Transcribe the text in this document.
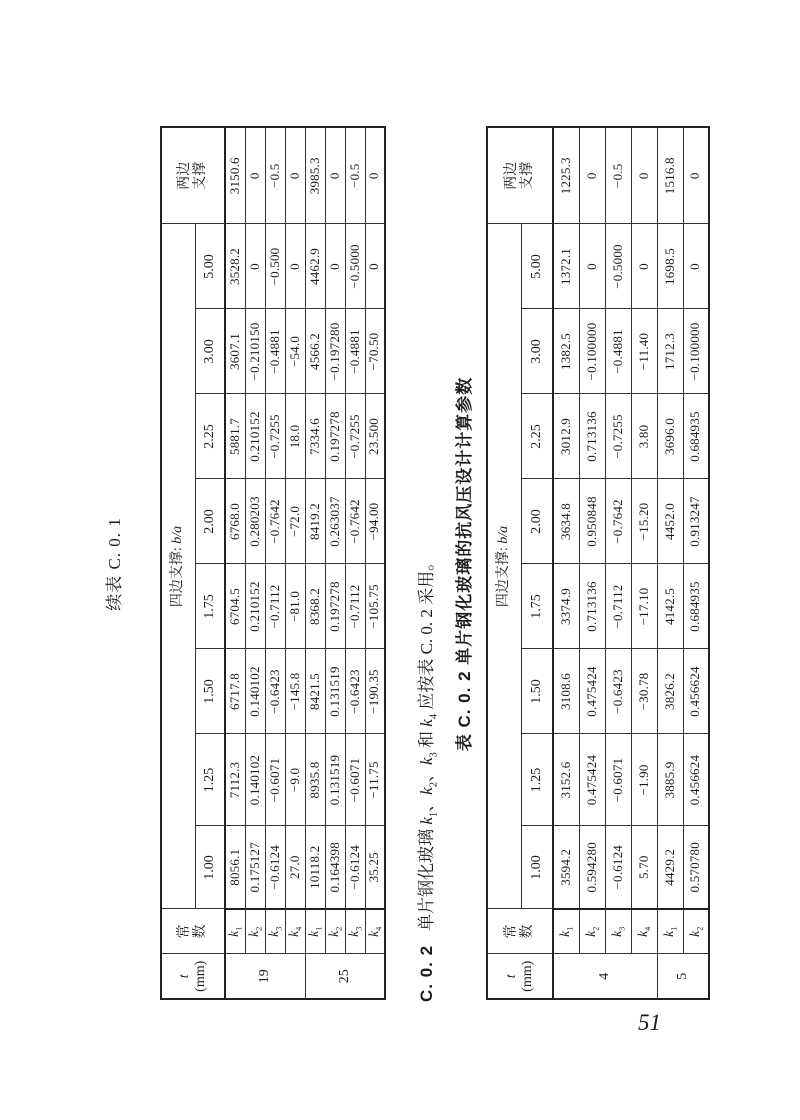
续表 C. 0. 1
t
(mm)	常
数	四边支撑: b/a								两边
支撑
		1.00	1.25	1.50	1.75	2.00	2.25	3.00	5.00	
19	$k_1$	8056.1	7112.3	6717.8	6704.5	6768.0	5881.7	3607.1	3528.2	3150.6
	$k_2$	0.175127	0.140102	0.140102	0.210152	0.280203	0.210152	−0.210150	0	0
	$k_3$	−0.6124	−0.6071	−0.6423	−0.7112	−0.7642	−0.7255	−0.4881	−0.500	−0.5
	$k_4$	27.0	−9.0	−145.8	−81.0	−72.0	18.0	−54.0	0	0
25	$k_1$	10118.2	8935.8	8421.5	8368.2	8419.2	7334.6	4566.2	4462.9	3985.3
	$k_2$	0.164398	0.131519	0.131519	0.197278	0.263037	0.197278	−0.197280	0	0
	$k_3$	−0.6124	−0.6071	−0.6423	−0.7112	−0.7642	−0.7255	−0.4881	−0.5000	−0.5
	$k_4$	35.25	−11.75	−190.35	−105.75	−94.00	23.500	−70.50	0	0
C. 0. 2单片钢化玻璃 $k_1$、$k_2$、$k_3$ 和 $k_4$ 应按表 C. 0. 2 采用。 表 C. 0. 2 单片钢化玻璃的抗风压设计计算参数
t
(mm)	常
数	四边支撑: b/a								两边
支撑
		1.00	1.25	1.50	1.75	2.00	2.25	3.00	5.00	
4	$k_1$	3594.2	3152.6	3108.6	3374.9	3634.8	3012.9	1382.5	1372.1	1225.3
	$k_2$	0.594280	0.475424	0.475424	0.713136	0.950848	0.713136	−0.100000	0	0
	$k_3$	−0.6124	−0.6071	−0.6423	−0.7112	−0.7642	−0.7255	−0.4881	−0.5000	−0.5
	$k_4$	5.70	−1.90	−30.78	−17.10	−15.20	3.80	−11.40	0	0
5	$k_1$	4429.2	3885.9	3826.2	4142.5	4452.0	3696.0	1712.3	1698.5	1516.8
	$k_2$	0.570780	0.456624	0.456624	0.684935	0.913247	0.684935	−0.100000	0	0
51
